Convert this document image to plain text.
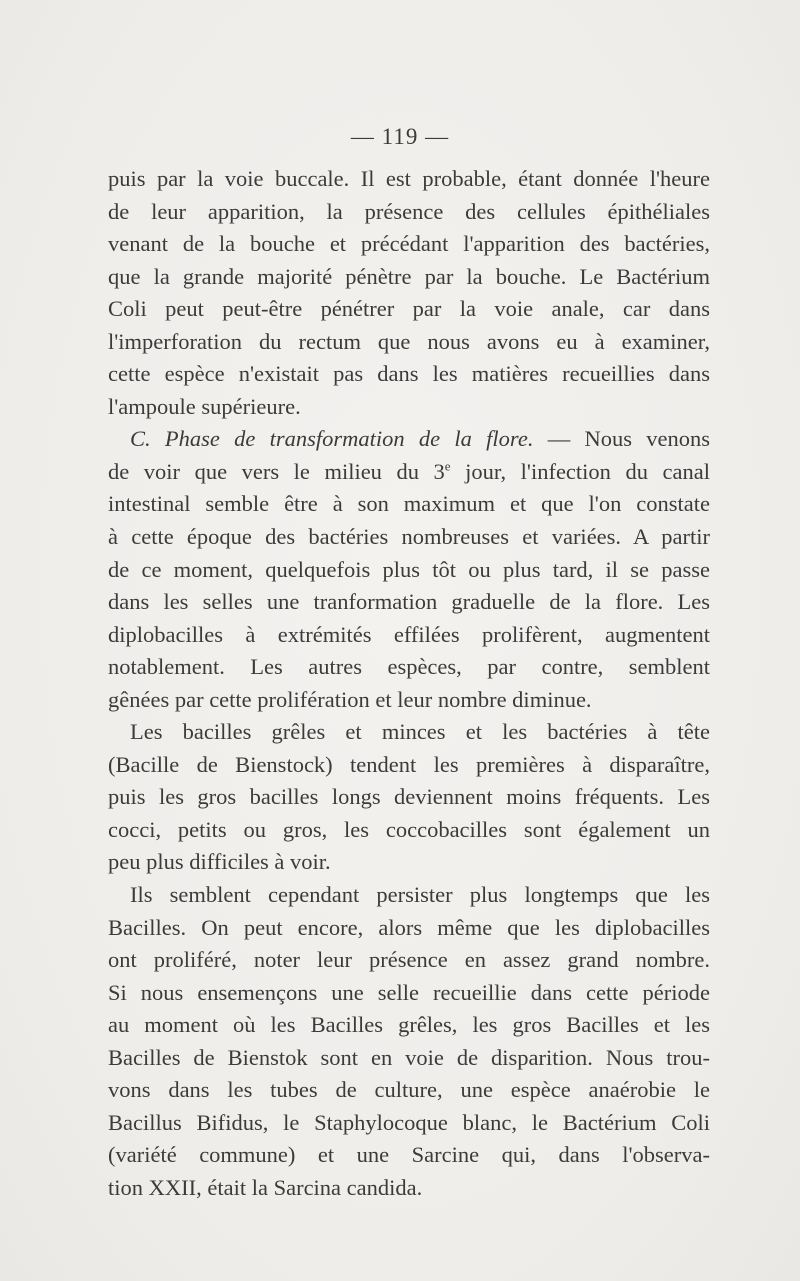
— 119 —
puis par la voie buccale. Il est probable, étant donnée l'heure
de leur apparition, la présence des cellules épithéliales
venant de la bouche et précédant l'apparition des bactéries,
que la grande majorité pénètre par la bouche. Le Bactérium
Coli peut peut-être pénétrer par la voie anale, car dans
l'imperforation du rectum que nous avons eu à examiner,
cette espèce n'existait pas dans les matières recueillies dans
l'ampoule supérieure.
C. Phase de transformation de la flore. — Nous venons
de voir que vers le milieu du 3e jour, l'infection du canal
intestinal semble être à son maximum et que l'on constate
à cette époque des bactéries nombreuses et variées. A partir
de ce moment, quelquefois plus tôt ou plus tard, il se passe
dans les selles une tranformation graduelle de la flore. Les
diplobacilles à extrémités effilées prolifèrent, augmentent
notablement. Les autres espèces, par contre, semblent
gênées par cette prolifération et leur nombre diminue.
Les bacilles grêles et minces et les bactéries à tête
(Bacille de Bienstock) tendent les premières à disparaître,
puis les gros bacilles longs deviennent moins fréquents. Les
cocci, petits ou gros, les coccobacilles sont également un
peu plus difficiles à voir.
Ils semblent cependant persister plus longtemps que les
Bacilles. On peut encore, alors même que les diplobacilles
ont proliféré, noter leur présence en assez grand nombre.
Si nous ensemençons une selle recueillie dans cette période
au moment où les Bacilles grêles, les gros Bacilles et les
Bacilles de Bienstok sont en voie de disparition. Nous trou-
vons dans les tubes de culture, une espèce anaérobie le
Bacillus Bifidus, le Staphylocoque blanc, le Bactérium Coli
(variété commune) et une Sarcine qui, dans l'observa-
tion XXII, était la Sarcina candida.
